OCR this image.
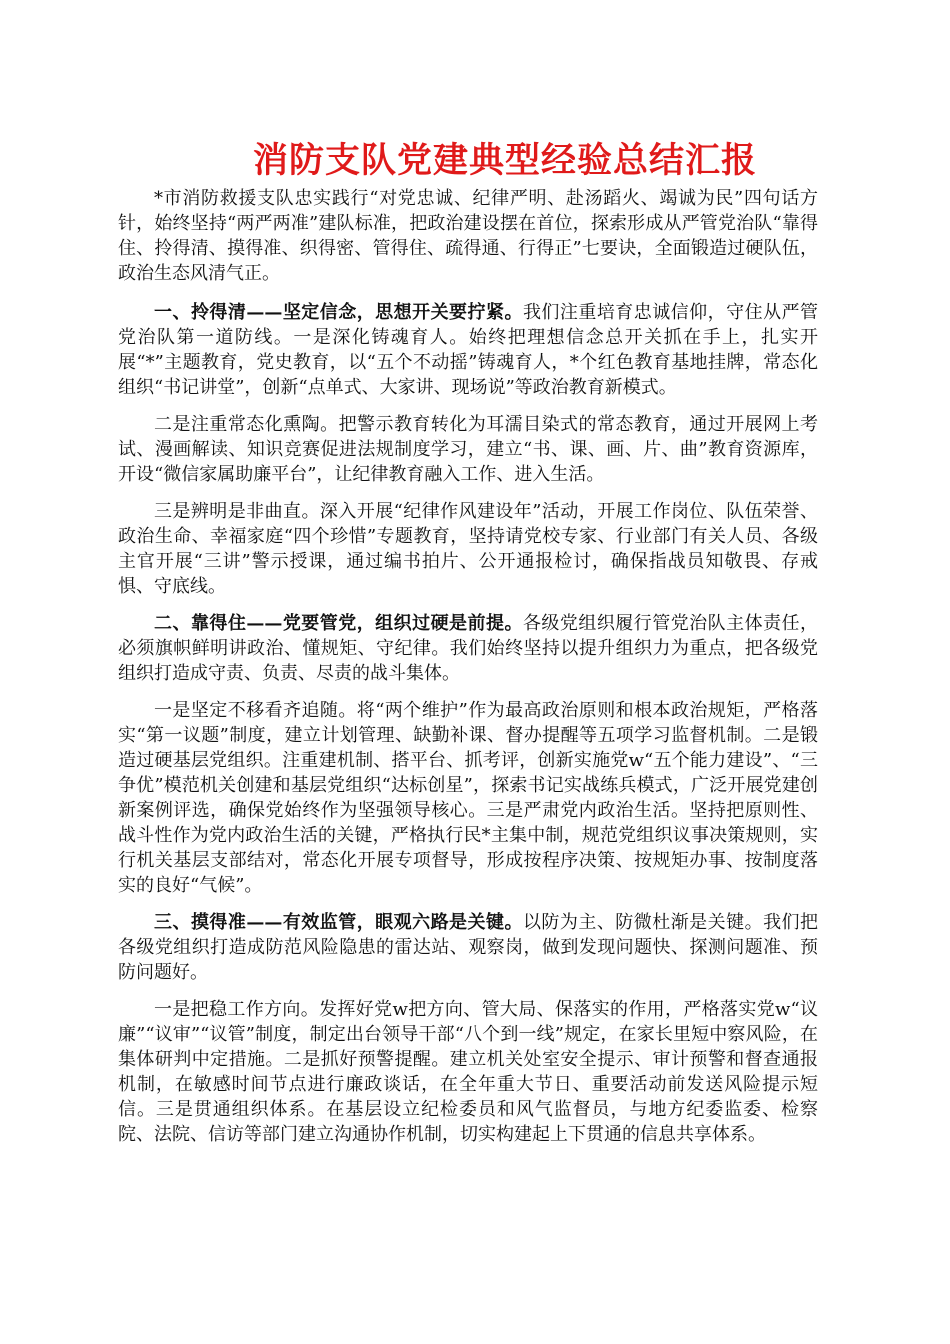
消防支队党建典型经验总结汇报

*市消防救援支队忠实践行“对党忠诚、纪律严明、赴汤蹈火、竭诚为民”四句话方针，始终坚持“两严两准”建队标准，把政治建设摆在首位，探索形成从严管党治队“靠得住、拎得清、摸得准、织得密、管得住、疏得通、行得正”七要诀，全面锻造过硬队伍，政治生态风清气正。

一、拎得清——坚定信念，思想开关要拧紧。我们注重培育忠诚信仰，守住从严管党治队第一道防线。一是深化铸魂育人。始终把理想信念总开关抓在手上，扎实开展“*”主题教育，党史教育，以“五个不动摇”铸魂育人，*个红色教育基地挂牌，常态化组织“书记讲堂”，创新“点单式、大家讲、现场说”等政治教育新模式。

二是注重常态化熏陶。把警示教育转化为耳濡目染式的常态教育，通过开展网上考试、漫画解读、知识竞赛促进法规制度学习，建立“书、课、画、片、曲”教育资源库，开设“微信家属助廉平台”，让纪律教育融入工作、进入生活。

三是辨明是非曲直。深入开展“纪律作风建设年”活动，开展工作岗位、队伍荣誉、政治生命、幸福家庭“四个珍惜”专题教育，坚持请党校专家、行业部门有关人员、各级主官开展“三讲”警示授课，通过编书拍片、公开通报检讨，确保指战员知敬畏、存戒惧、守底线。

二、靠得住——党要管党，组织过硬是前提。各级党组织履行管党治队主体责任，必须旗帜鲜明讲政治、懂规矩、守纪律。我们始终坚持以提升组织力为重点，把各级党组织打造成守责、负责、尽责的战斗集体。

一是坚定不移看齐追随。将“两个维护”作为最高政治原则和根本政治规矩，严格落实“第一议题”制度，建立计划管理、缺勤补课、督办提醒等五项学习监督机制。二是锻造过硬基层党组织。注重建机制、搭平台、抓考评，创新实施党w“五个能力建设”、“三争优”模范机关创建和基层党组织“达标创星”，探索书记实战练兵模式，广泛开展党建创新案例评选，确保党始终作为坚强领导核心。三是严肃党内政治生活。坚持把原则性、战斗性作为党内政治生活的关键，严格执行民*主集中制，规范党组织议事决策规则，实行机关基层支部结对，常态化开展专项督导，形成按程序决策、按规矩办事、按制度落实的良好“气候”。

三、摸得准——有效监管，眼观六路是关键。以防为主、防微杜渐是关键。我们把各级党组织打造成防范风险隐患的雷达站、观察岗，做到发现问题快、探测问题准、预防问题好。

一是把稳工作方向。发挥好党w把方向、管大局、保落实的作用，严格落实党w“议廉”“议审”“议管”制度，制定出台领导干部“八个到一线”规定，在家长里短中察风险，在集体研判中定措施。二是抓好预警提醒。建立机关处室安全提示、审计预警和督查通报机制，在敏感时间节点进行廉政谈话，在全年重大节日、重要活动前发送风险提示短信。三是贯通组织体系。在基层设立纪检委员和风气监督员，与地方纪委监委、检察院、法院、信访等部门建立沟通协作机制，切实构建起上下贯通的信息共享体系。
